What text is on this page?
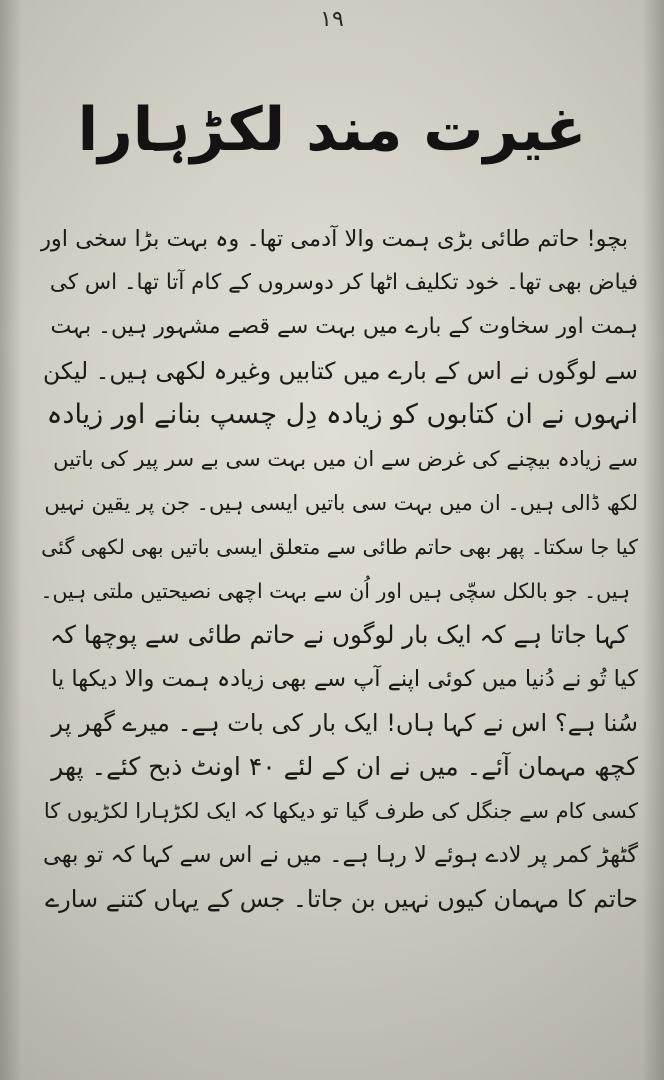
۱۹
غیرت مند لکڑہارا
بچو! حاتم طائی بڑی ہمت والا آدمی تھا۔ وہ بہت بڑا سخی اور
فیاض بھی تھا۔ خود تکلیف اٹھا کر دوسروں کے کام آتا تھا۔ اس کی
ہمت اور سخاوت کے بارے میں بہت سے قصے مشہور ہیں۔ بہت
سے لوگوں نے اس کے بارے میں کتابیں وغیرہ لکھی ہیں۔ لیکن
انہوں نے ان کتابوں کو زیادہ دِل چسپ بنانے اور زیادہ
سے زیادہ بیچنے کی غرض سے ان میں بہت سی بے سر پیر کی باتیں
لکھ ڈالی ہیں۔ ان میں بہت سی باتیں ایسی ہیں۔ جن پر یقین نہیں
کیا جا سکتا۔ پھر بھی حاتم طائی سے متعلق ایسی باتیں بھی لکھی گئی
ہیں۔ جو بالکل سچّی ہیں اور اُن سے بہت اچھی نصیحتیں ملتی ہیں۔
کہا جاتا ہے کہ ایک بار لوگوں نے حاتم طائی سے پوچھا کہ
کیا تُو نے دُنیا میں کوئی اپنے آپ سے بھی زیادہ ہمت والا دیکھا یا
سُنا ہے؟ اس نے کہا ہاں! ایک بار کی بات ہے۔ میرے گھر پر
کچھ مہمان آئے۔ میں نے ان کے لئے ۴۰ اونٹ ذبح کئے۔ پھر
کسی کام سے جنگل کی طرف گیا تو دیکھا کہ ایک لکڑہارا لکڑیوں کا
گٹھڑ کمر پر لادے ہوئے لا رہا ہے۔ میں نے اس سے کہا کہ تو بھی
حاتم کا مہمان کیوں نہیں بن جاتا۔ جس کے یہاں کتنے سارے
